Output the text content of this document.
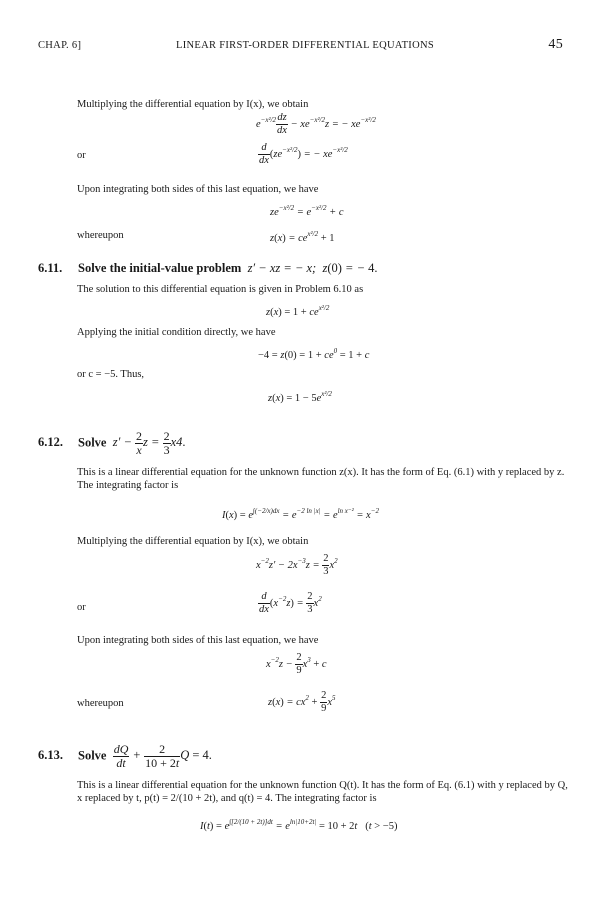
CHAP. 6]	LINEAR FIRST-ORDER DIFFERENTIAL EQUATIONS	45
Multiplying the differential equation by I(x), we obtain
$e^{-x^2/2} \frac{dz}{dx} - xe^{-x^2/2}z$ = − $xe^{-x^2/2}$
or	$\frac{d}{dx} (ze^{-x^2/2})$ = − $xe^{-x^2/2}$
Upon integrating both sides of this last equation, we have
$ze^{-x^2/2} = e^{-x^2/2} + c$
whereupon	$z(x) = ce^{x^2/2} + 1$
6.11. Solve the initial-value problem  z′ − xz = − x;  z(0) = − 4.
The solution to this differential equation is given in Problem 6.10 as
$z(x) = 1 + ce^{x^2/2}$
Applying the initial condition directly, we have
$-4 = z(0) = 1 + ce^0 = 1 + c$
or c = −5. Thus,
$z(x) = 1 - 5e^{x^2/2}$
6.12. Solve  $z' - \frac{2}{x}$ $z = \frac{2}{3} x4$.
This is a linear differential equation for the unknown function z(x). It has the form of Eq. (6.1) with y replaced by z. The integrating factor is
$I(x) = e^{\int(-2/x)dx} = e^{-2 ln |x|} = e^{ln x^{-2}} = x^{-2}$
Multiplying the differential equation by I(x), we obtain
$x^{-2}z' - 2x^{-3}z = \frac{2}{3} x^2$
or	$\frac{d}{dx} (x^{-2}z) = \frac{2}{3} x^2$
Upon integrating both sides of this last equation, we have
$x^{-2}z - \frac{2}{9} x^3 + c$
whereupon	$z(x) = cx^2 + \frac{2}{9} x^5$
6.13. Solve $\frac{dQ}{dt} + \frac{2}{10 + 2t}$ Q = 4.
This is a linear differential equation for the unknown function Q(t). It has the form of Eq. (6.1) with y replaced by Q, x replaced by t, p(t) = 2/(10 + 2t), and q(t) = 4. The integrating factor is
$I(t) = e^{\int[2/(10 + 2t)]dt} = e^{ln|10+2t|} = 10 + 2t$   (t > −5)
